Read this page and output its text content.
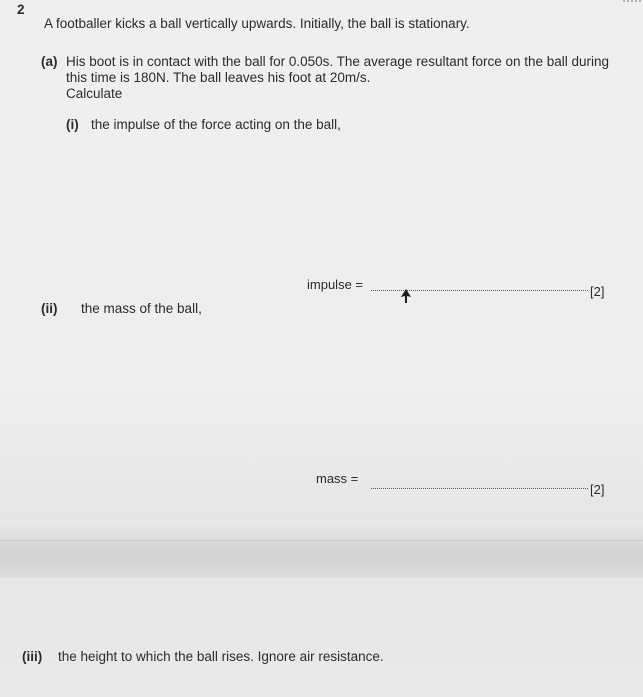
2
A footballer kicks a ball vertically upwards. Initially, the ball is stationary.
(a) His boot is in contact with the ball for 0.050s. The average resultant force on the ball during
this time is 180N. The ball leaves his foot at 20m/s.
Calculate
(i) the impulse of the force acting on the ball,
impulse =	[2]
(ii) the mass of the ball,
mass =
[2]
(iii) the height to which the ball rises. Ignore air resistance.
